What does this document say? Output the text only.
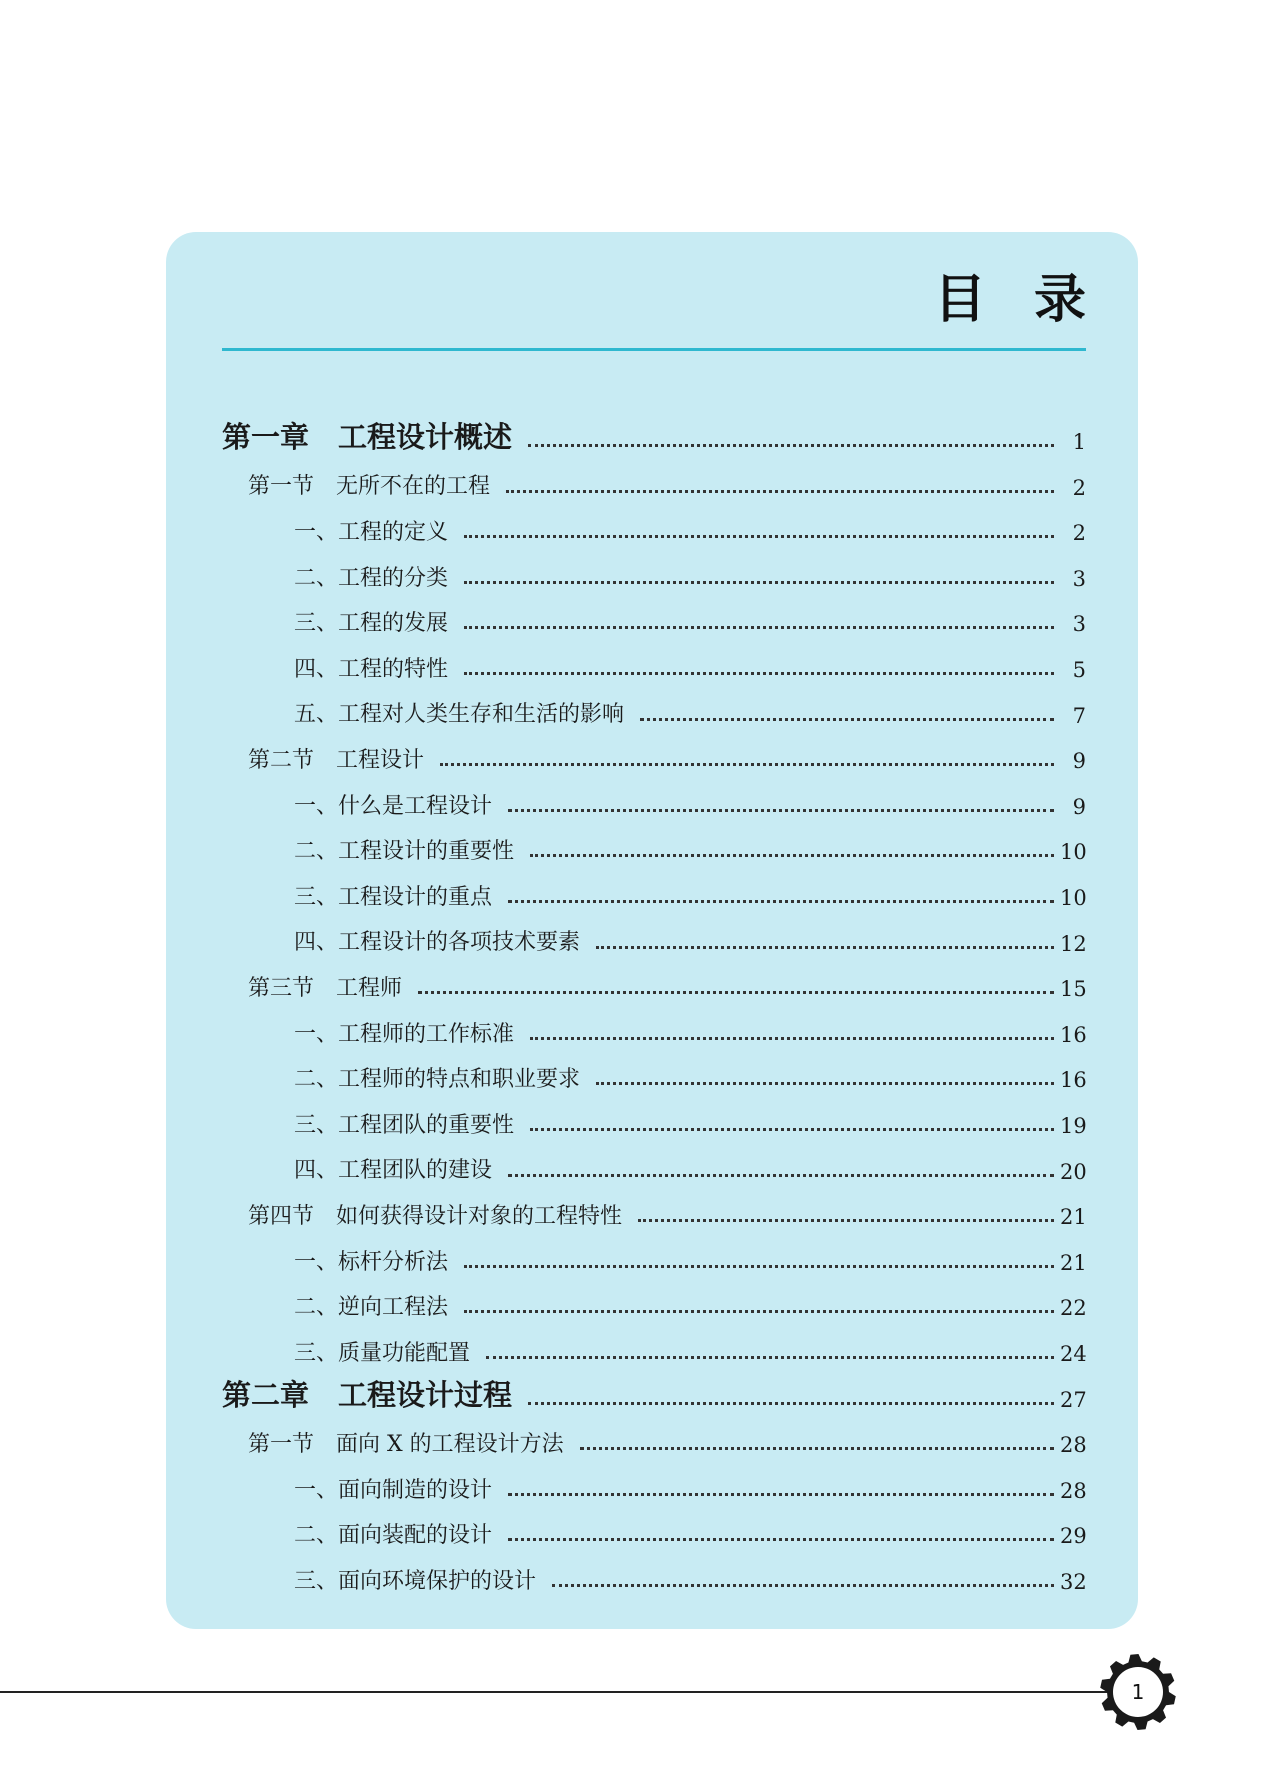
目 录
第一章　工程设计概述	1
第一节　无所不在的工程	2
一、工程的定义	2
二、工程的分类	3
三、工程的发展	3
四、工程的特性	5
五、工程对人类生存和生活的影响	7
第二节　工程设计	9
一、什么是工程设计	9
二、工程设计的重要性	10
三、工程设计的重点	10
四、工程设计的各项技术要素	12
第三节　工程师	15
一、工程师的工作标准	16
二、工程师的特点和职业要求	16
三、工程团队的重要性	19
四、工程团队的建设	20
第四节　如何获得设计对象的工程特性	21
一、标杆分析法	21
二、逆向工程法	22
三、质量功能配置	24
第二章　工程设计过程	27
第一节　面向 X 的工程设计方法	28
一、面向制造的设计	28
二、面向装配的设计	29
三、面向环境保护的设计	32
1
